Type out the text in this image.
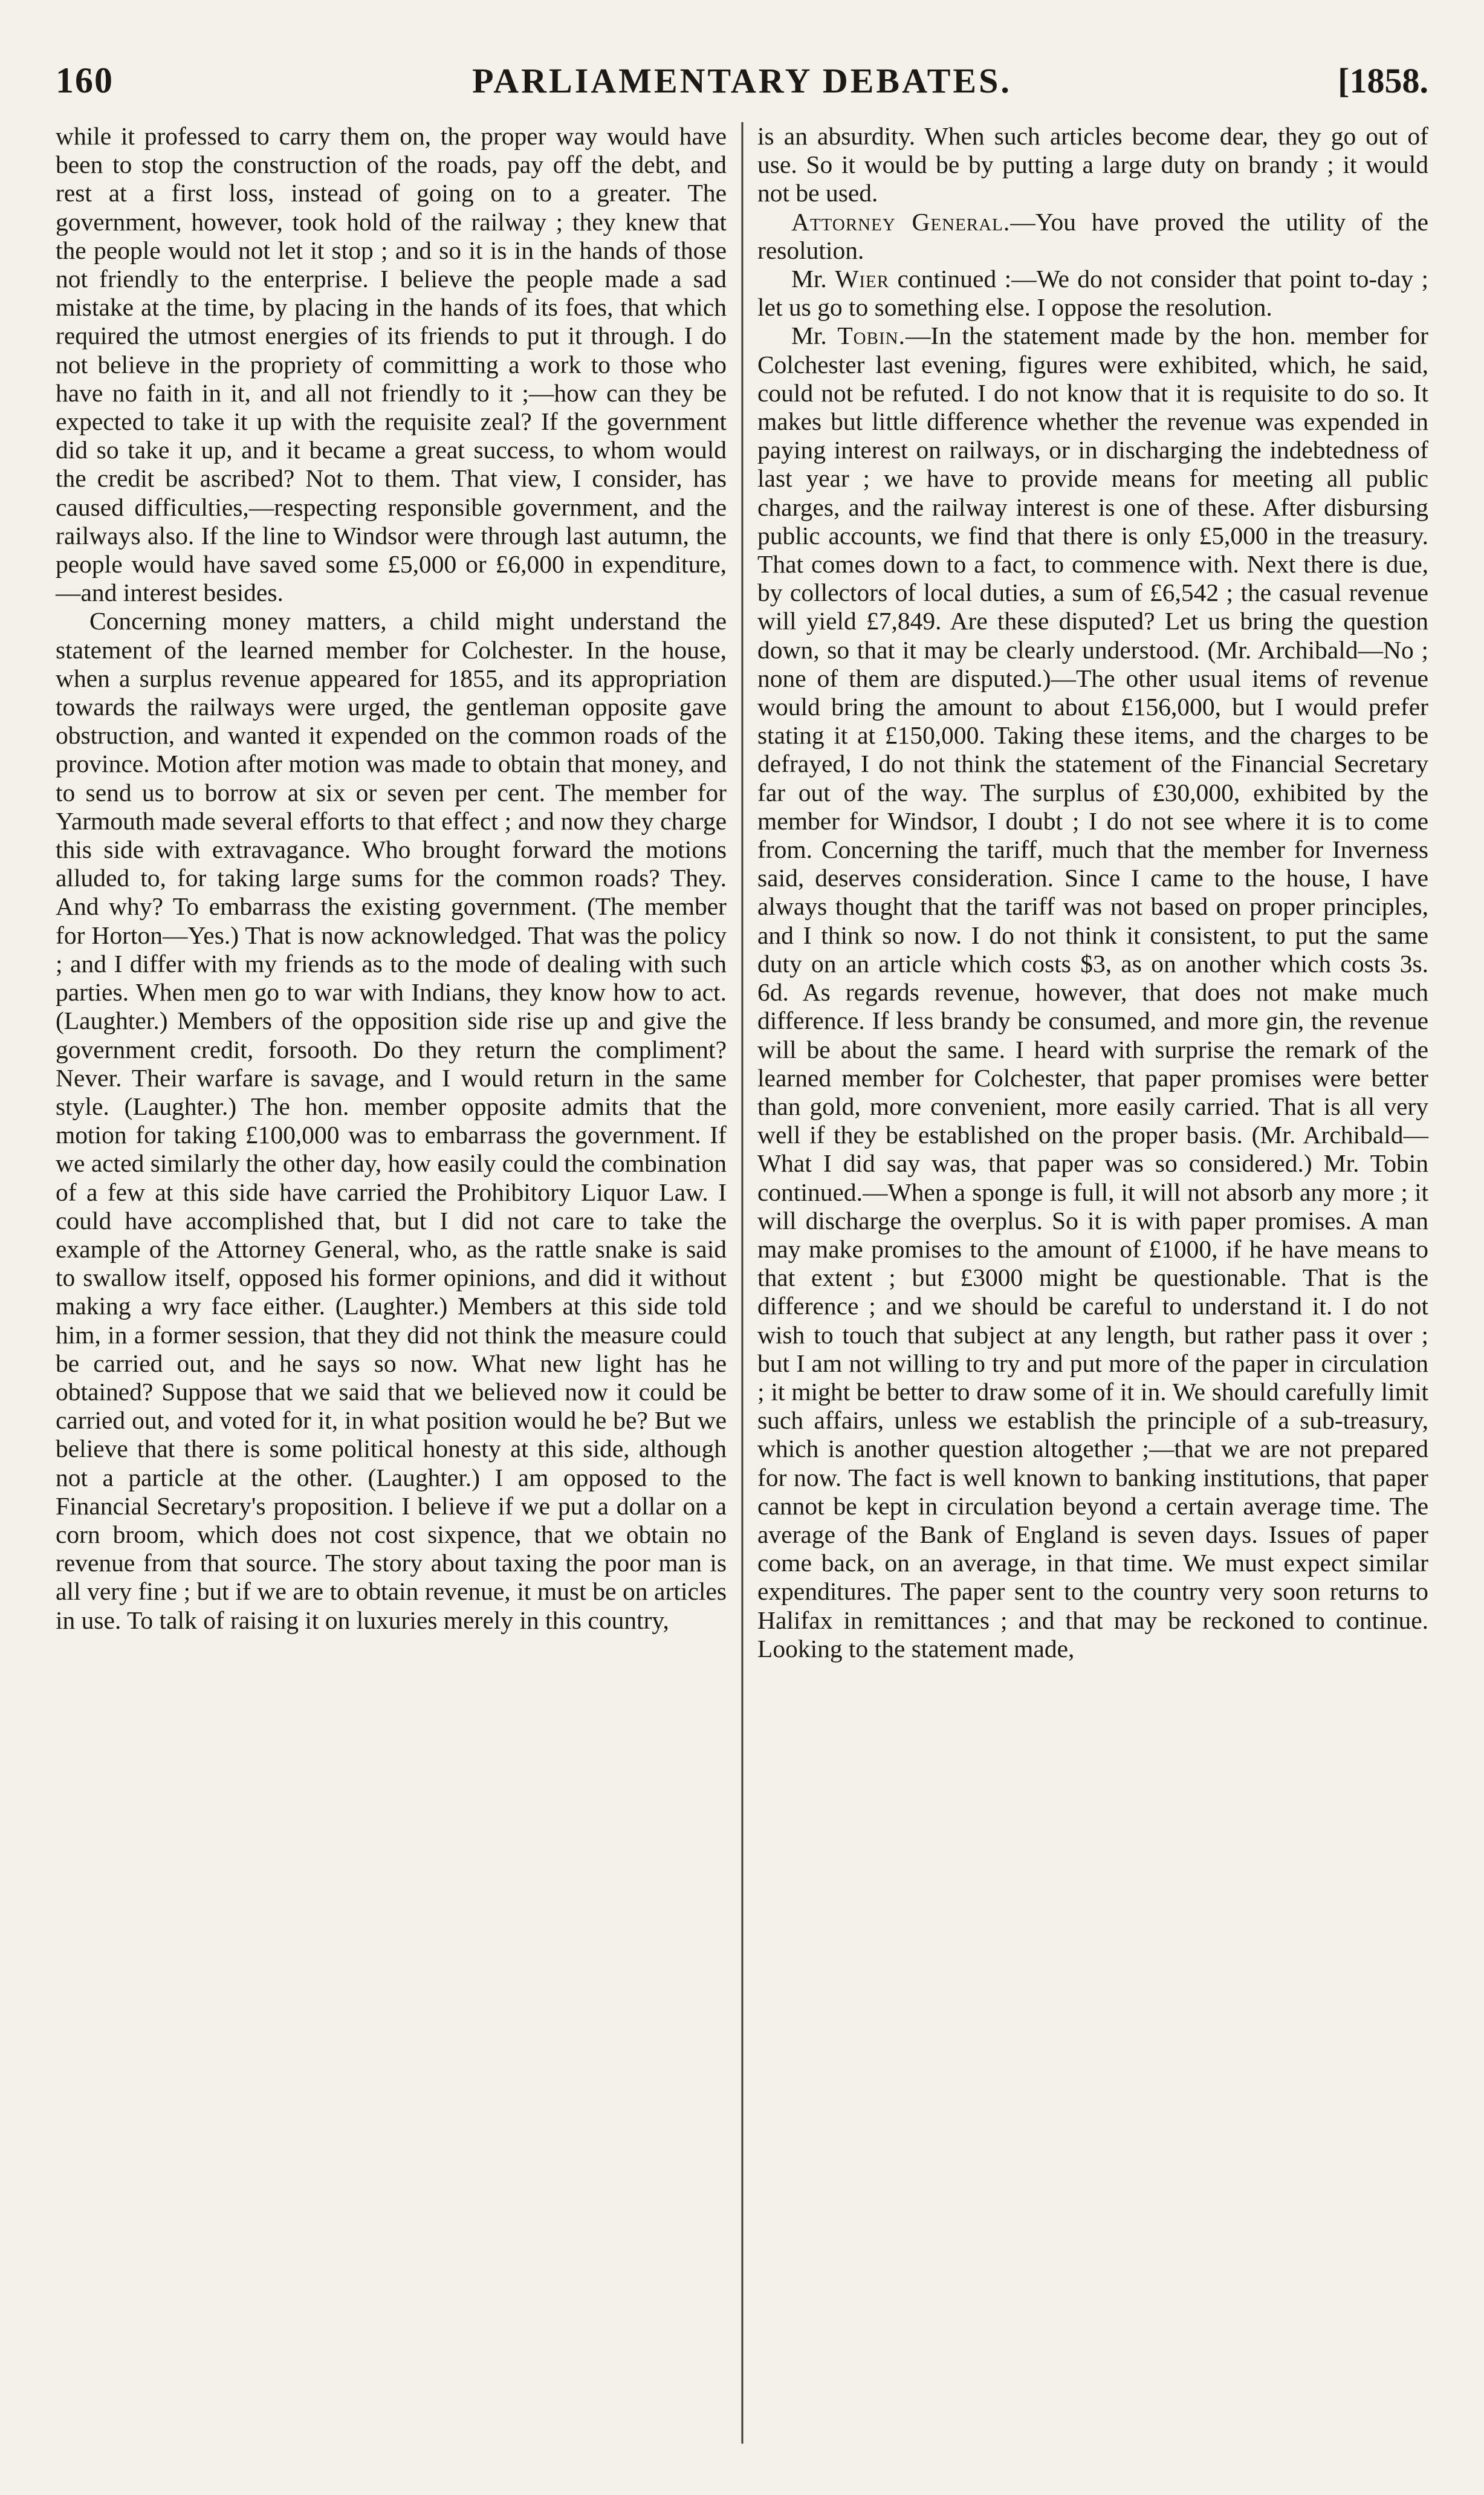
160	PARLIAMENTARY DEBATES.	[1858.

while it professed to carry them on, the proper way would have been to stop the construction of the roads, pay off the debt, and rest at a first loss, instead of going on to a greater. The government, however, took hold of the railway ; they knew that the people would not let it stop ; and so it is in the hands of those not friendly to the enterprise. I believe the people made a sad mistake at the time, by placing in the hands of its foes, that which required the utmost energies of its friends to put it through. I do not believe in the propriety of committing a work to those who have no faith in it, and all not friendly to it ;—how can they be expected to take it up with the requisite zeal? If the government did so take it up, and it became a great success, to whom would the credit be ascribed? Not to them. That view, I consider, has caused difficulties,—respecting responsible government, and the railways also. If the line to Windsor were through last autumn, the people would have saved some £5,000 or £6,000 in expenditure,—and interest besides.

Concerning money matters, a child might understand the statement of the learned member for Colchester. In the house, when a surplus revenue appeared for 1855, and its appropriation towards the railways were urged, the gentleman opposite gave obstruction, and wanted it expended on the common roads of the province. Motion after motion was made to obtain that money, and to send us to borrow at six or seven per cent. The member for Yarmouth made several efforts to that effect ; and now they charge this side with extravagance. Who brought forward the motions alluded to, for taking large sums for the common roads? They. And why? To embarrass the existing government. (The member for Horton—Yes.) That is now acknowledged. That was the policy ; and I differ with my friends as to the mode of dealing with such parties. When men go to war with Indians, they know how to act. (Laughter.) Members of the opposition side rise up and give the government credit, forsooth. Do they return the compliment? Never. Their warfare is savage, and I would return in the same style. (Laughter.) The hon. member opposite admits that the motion for taking £100,000 was to embarrass the government. If we acted similarly the other day, how easily could the combination of a few at this side have carried the Prohibitory Liquor Law. I could have accomplished that, but I did not care to take the example of the Attorney General, who, as the rattle snake is said to swallow itself, opposed his former opinions, and did it without making a wry face either. (Laughter.) Members at this side told him, in a former session, that they did not think the measure could be carried out, and he says so now. What new light has he obtained? Suppose that we said that we believed now it could be carried out, and voted for it, in what position would he be? But we believe that there is some political honesty at this side, although not a particle at the other. (Laughter.) I am opposed to the Financial Secretary's proposition. I believe if we put a dollar on a corn broom, which does not cost sixpence, that we obtain no revenue from that source. The story about taxing the poor man is all very fine ; but if we are to obtain revenue, it must be on articles in use. To talk of raising it on luxuries merely in this country,

is an absurdity. When such articles become dear, they go out of use. So it would be by putting a large duty on brandy ; it would not be used.

Attorney General.—You have proved the utility of the resolution.

Mr. Wier continued :—We do not consider that point to-day ; let us go to something else. I oppose the resolution.

Mr. Tobin.—In the statement made by the hon. member for Colchester last evening, figures were exhibited, which, he said, could not be refuted. I do not know that it is requisite to do so. It makes but little difference whether the revenue was expended in paying interest on railways, or in discharging the indebtedness of last year ; we have to provide means for meeting all public charges, and the railway interest is one of these. After disbursing public accounts, we find that there is only £5,000 in the treasury. That comes down to a fact, to commence with. Next there is due, by collectors of local duties, a sum of £6,542 ; the casual revenue will yield £7,849. Are these disputed? Let us bring the question down, so that it may be clearly understood. (Mr. Archibald—No ; none of them are disputed.)—The other usual items of revenue would bring the amount to about £156,000, but I would prefer stating it at £150,000. Taking these items, and the charges to be defrayed, I do not think the statement of the Financial Secretary far out of the way. The surplus of £30,000, exhibited by the member for Windsor, I doubt ; I do not see where it is to come from. Concerning the tariff, much that the member for Inverness said, deserves consideration. Since I came to the house, I have always thought that the tariff was not based on proper principles, and I think so now. I do not think it consistent, to put the same duty on an article which costs $3, as on another which costs 3s. 6d. As regards revenue, however, that does not make much difference. If less brandy be consumed, and more gin, the revenue will be about the same. I heard with surprise the remark of the learned member for Colchester, that paper promises were better than gold, more convenient, more easily carried. That is all very well if they be established on the proper basis. (Mr. Archibald—What I did say was, that paper was so considered.) Mr. Tobin continued.—When a sponge is full, it will not absorb any more ; it will discharge the overplus. So it is with paper promises. A man may make promises to the amount of £1000, if he have means to that extent ; but £3000 might be questionable. That is the difference ; and we should be careful to understand it. I do not wish to touch that subject at any length, but rather pass it over ; but I am not willing to try and put more of the paper in circulation ; it might be better to draw some of it in. We should carefully limit such affairs, unless we establish the principle of a sub-treasury, which is another question altogether ;—that we are not prepared for now. The fact is well known to banking institutions, that paper cannot be kept in circulation beyond a certain average time. The average of the Bank of England is seven days. Issues of paper come back, on an average, in that time. We must expect similar expenditures. The paper sent to the country very soon returns to Halifax in remittances ; and that may be reckoned to continue. Looking to the statement made,
